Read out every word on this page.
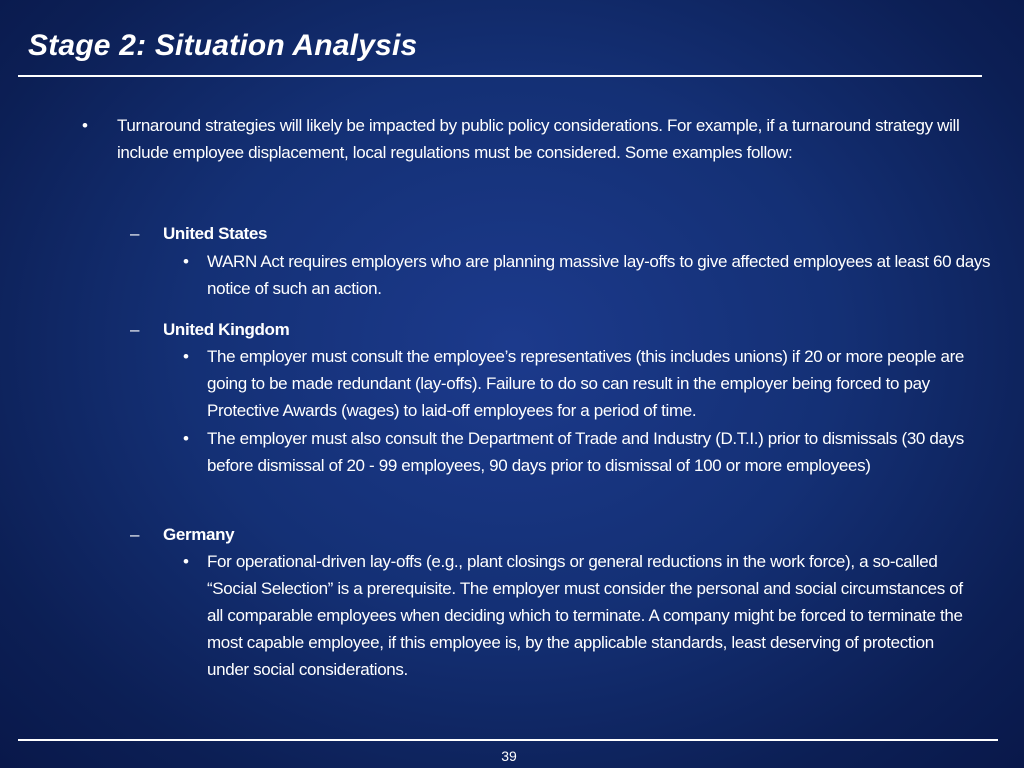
Stage 2: Situation Analysis
• Turnaround strategies will likely be impacted by public policy considerations. For example, if a turnaround strategy will include employee displacement, local regulations must be considered. Some examples follow:
– United States
• WARN Act requires employers who are planning massive lay-offs to give affected employees at least 60 days notice of such an action.
– United Kingdom
• The employer must consult the employee’s representatives (this includes unions) if 20 or more people are going to be made redundant (lay-offs). Failure to do so can result in the employer being forced to pay Protective Awards (wages) to laid-off employees for a period of time.
• The employer must also consult the Department of Trade and Industry (D.T.I.) prior to dismissals (30 days before dismissal of 20 - 99 employees, 90 days prior to dismissal of 100 or more employees)
– Germany
• For operational-driven lay-offs (e.g., plant closings or general reductions in the work force), a so-called “Social Selection” is a prerequisite. The employer must consider the personal and social circumstances of all comparable employees when deciding which to terminate. A company might be forced to terminate the most capable employee, if this employee is, by the applicable standards, least deserving of protection under social considerations.
39
